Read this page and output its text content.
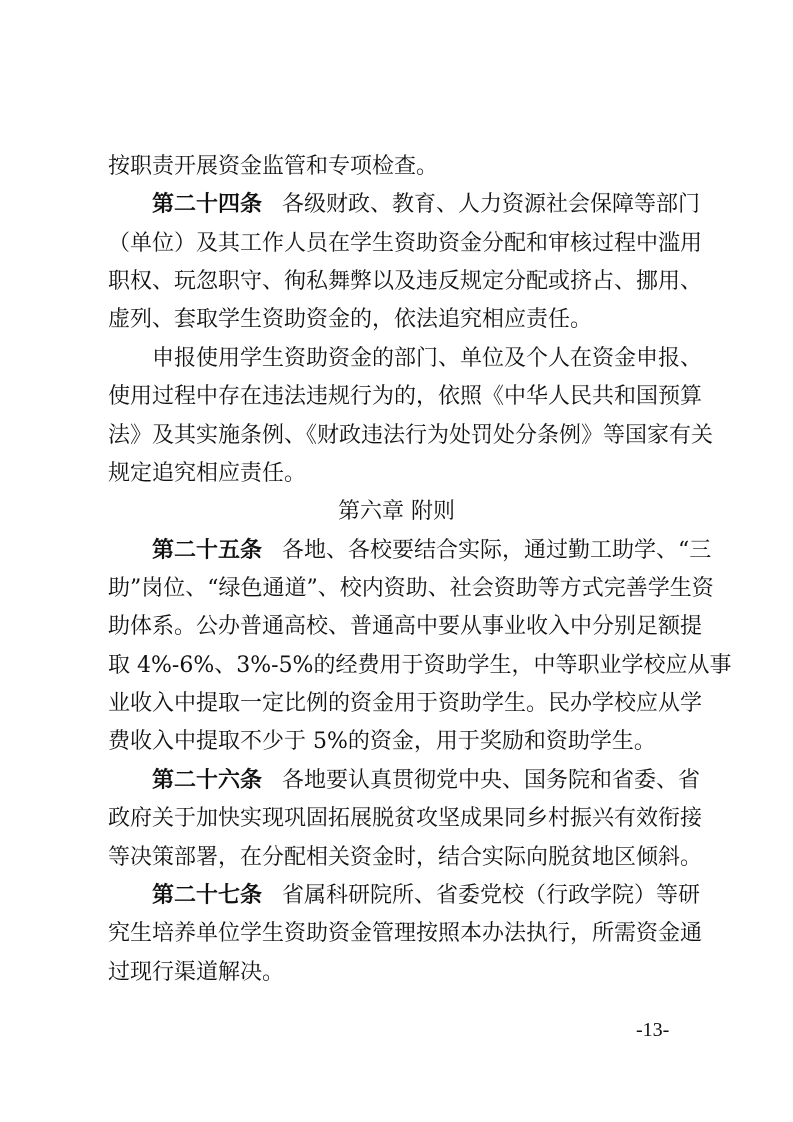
按职责开展资金监管和专项检查。
第二十四条 各级财政、教育、人力资源社会保障等部门
（单位）及其工作人员在学生资助资金分配和审核过程中滥用
职权、玩忽职守、徇私舞弊以及违反规定分配或挤占、挪用、
虚列、套取学生资助资金的，依法追究相应责任。
申报使用学生资助资金的部门、单位及个人在资金申报、
使用过程中存在违法违规行为的，依照《中华人民共和国预算
法》及其实施条例、《财政违法行为处罚处分条例》等国家有关
规定追究相应责任。
第六章 附则
第二十五条 各地、各校要结合实际，通过勤工助学、“三
助”岗位、“绿色通道”、校内资助、社会资助等方式完善学生资
助体系。公办普通高校、普通高中要从事业收入中分别足额提
取 4%-6%、3%-5%的经费用于资助学生，中等职业学校应从事
业收入中提取一定比例的资金用于资助学生。民办学校应从学
费收入中提取不少于 5%的资金，用于奖励和资助学生。
第二十六条 各地要认真贯彻党中央、国务院和省委、省
政府关于加快实现巩固拓展脱贫攻坚成果同乡村振兴有效衔接
等决策部署，在分配相关资金时，结合实际向脱贫地区倾斜。
第二十七条 省属科研院所、省委党校（行政学院）等研
究生培养单位学生资助资金管理按照本办法执行，所需资金通
过现行渠道解决。
-13-
